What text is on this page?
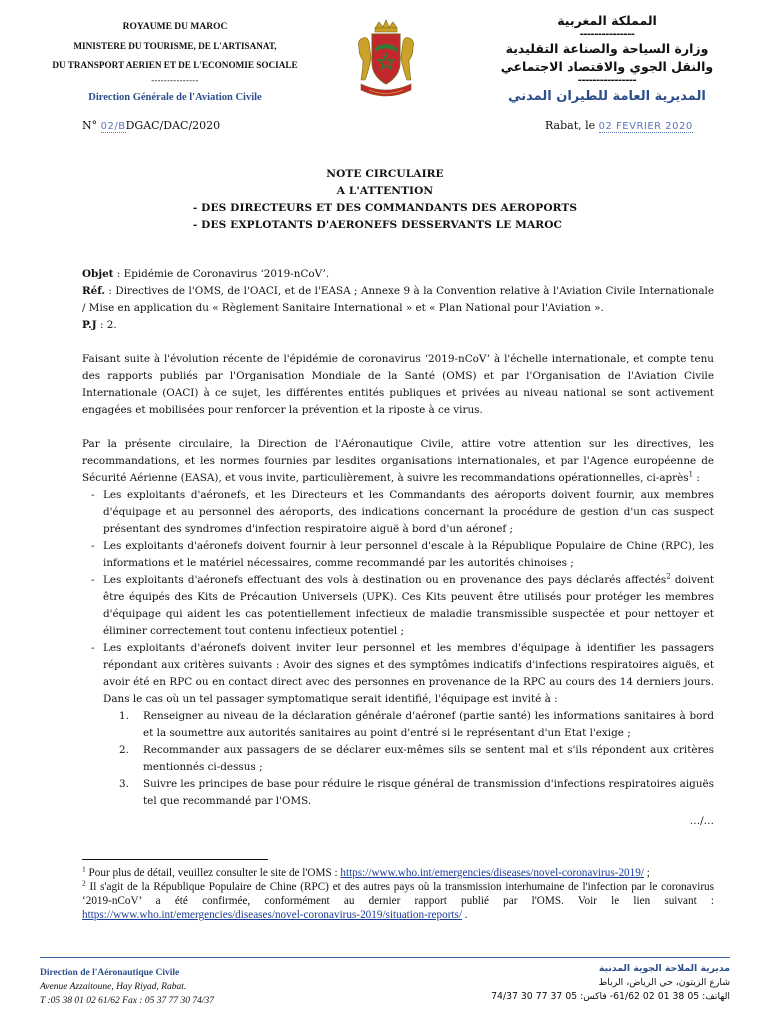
ROYAUME DU MAROC
MINISTERE DU TOURISME, DE L'ARTISANAT,
DU TRANSPORT AERIEN ET DE L'ECONOMIE SOCIALE
---------------
Direction Générale de l'Aviation Civile
المملكة المغربية
---------------
وزارة السياحة والصناعة التقليدية
والنقل الجوي والاقتصاد الاجتماعي
----------------
المديرية العامة للطيران المدني
N° 02/BDGAC/DAC/2020	Rabat, le 02 FEVRIER 2020
NOTE CIRCULAIRE
A L'ATTENTION
- DES DIRECTEURS ET DES COMMANDANTS DES AEROPORTS
- DES EXPLOTANTS D'AERONEFS DESSERVANTS LE MAROC

Objet : Epidémie de Coronavirus ‘2019-nCoV’.

Réf. : Directives de l'OMS, de l'OACI, et de l'EASA ; Annexe 9 à la Convention relative à l'Aviation Civile Internationale / Mise en application du « Règlement Sanitaire International » et « Plan National pour l'Aviation ».

P.J : 2.

Faisant suite à l'évolution récente de l'épidémie de coronavirus ‘2019-nCoV’ à l'échelle internationale, et compte tenu des rapports publiés par l'Organisation Mondiale de la Santé (OMS) et par l'Organisation de l'Aviation Civile Internationale (OACI) à ce sujet, les différentes entités publiques et privées au niveau national se sont activement engagées et mobilisées pour renforcer la prévention et la riposte à ce virus.

Par la présente circulaire, la Direction de l'Aéronautique Civile, attire votre attention sur les directives, les recommandations, et les normes fournies par lesdites organisations internationales, et par l'Agence européenne de Sécurité Aérienne (EASA), et vous invite, particulièrement, à suivre les recommandations opérationnelles, ci-après$^1$ :

- Les exploitants d'aéronefs, et les Directeurs et les Commandants des aéroports doivent fournir, aux membres d'équipage et au personnel des aéroports, des indications concernant la procédure de gestion d'un cas suspect présentant des syndromes d'infection respiratoire aiguë à bord d'un aéronef ;
- Les exploitants d'aéronefs doivent fournir à leur personnel d'escale à la République Populaire de Chine (RPC), les informations et le matériel nécessaires, comme recommandé par les autorités chinoises ;
- Les exploitants d'aéronefs effectuant des vols à destination ou en provenance des pays déclarés affectés$^2$ doivent être équipés des Kits de Précaution Universels (UPK). Ces Kits peuvent être utilisés pour protéger les membres d'équipage qui aident les cas potentiellement infectieux de maladie transmissible suspectée et pour nettoyer et éliminer correctement tout contenu infectieux potentiel ;
- Les exploitants d'aéronefs doivent inviter leur personnel et les membres d'équipage à identifier les passagers répondant aux critères suivants : Avoir des signes et des symptômes indicatifs d'infections respiratoires aiguës, et avoir été en RPC ou en contact direct avec des personnes en provenance de la RPC au cours des 14 derniers jours. Dans le cas où un tel passager symptomatique serait identifié, l'équipage est invité à :
1. Renseigner au niveau de la déclaration générale d'aéronef (partie santé) les informations sanitaires à bord et la soumettre aux autorités sanitaires au point d'entré si le représentant d'un Etat l'exige ;
2. Recommander aux passagers de se déclarer eux-mêmes sils se sentent mal et s'ils répondent aux critères mentionnés ci-dessus ;
3. Suivre les principes de base pour réduire le risque général de transmission d'infections respiratoires aiguës tel que recommandé par l'OMS.
…/…

$^1$ Pour plus de détail, veuillez consulter le site de l'OMS : https://www.who.int/emergencies/diseases/novel-coronavirus-2019/ ;

$^2$ Il s'agit de la République Populaire de Chine (RPC) et des autres pays où la transmission interhumaine de l'infection par le coronavirus ‘2019-nCoV’ a été confirmée, conformément au dernier rapport publié par l'OMS. Voir le lien suivant : https://www.who.int/emergencies/diseases/novel-coronavirus-2019/situation-reports/ .

Direction de l'Aéronautique Civile
Avenue Azzaitoune, Hay Riyad, Rabat.
T :05 38 01 02 61/62 Fax : 05 37 77 30 74/37
مديرية الملاحة الجوية المدنية
شارع الزيتون، حي الرياض، الرباط
الهاتف: 05 38 01 02 61/62- فاكس: 05 37 77 30 74/37
